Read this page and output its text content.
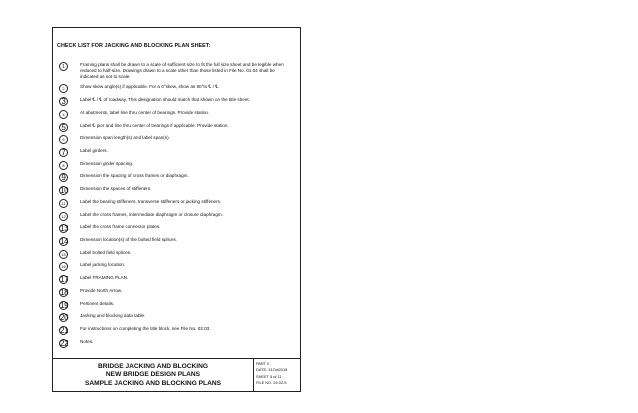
CHECK LIST FOR JACKING AND BLOCKING PLAN SHEET:
1	Framing plans shall be drawn to a scale of sufficient size to fit the full size sheet and be legible when reduced to half-size. Drawings drawn to a scale other than those listed in File No. 01.04 shall be indicated as not to scale.
2	Show skew angle(s) if applicable. For a 0°skew, show as 90°to ℄ / ℄.
3	Label ℄ / ℄ of roadway. This designation should match that shown on the title sheet.
4	At abutments, label line thru center of bearings. Provide station.
5	Label ℄ pier and line thru center of bearings if applicable. Provide station.
6	Dimension span length(s) and label span(s).
7	Label girders.
8	Dimension girder spacing.
9	Dimension the spacing of cross frames or diaphragm.
10	Dimension the spaces of stiffeners.
11	Label the bearing stiffeners, transverse stiffeners or jacking stiffeners.
12	Label the cross frames, intermediate diaphragm or closure diaphragm.
13	Label the cross frame connector plates.
14	Dimension location(s) of the bolted field splices.
15	Label bolted field splices.
16	Label jacking location.
17	Label FRAMING PLAN.
18	Provide North Arrow.
19	Pertinent details.
20	Jacking and blocking data table.
21	For instructions on completing the title block, see File No. 03.03.
22	Notes.
BRIDGE JACKING AND BLOCKING
NEW BRIDGE DESIGN PLANS
SAMPLE JACKING AND BLOCKING PLANS
PART 2
DATE: 31Oct2018
SHEET 5 of 11
FILE NO. 26.02-5
